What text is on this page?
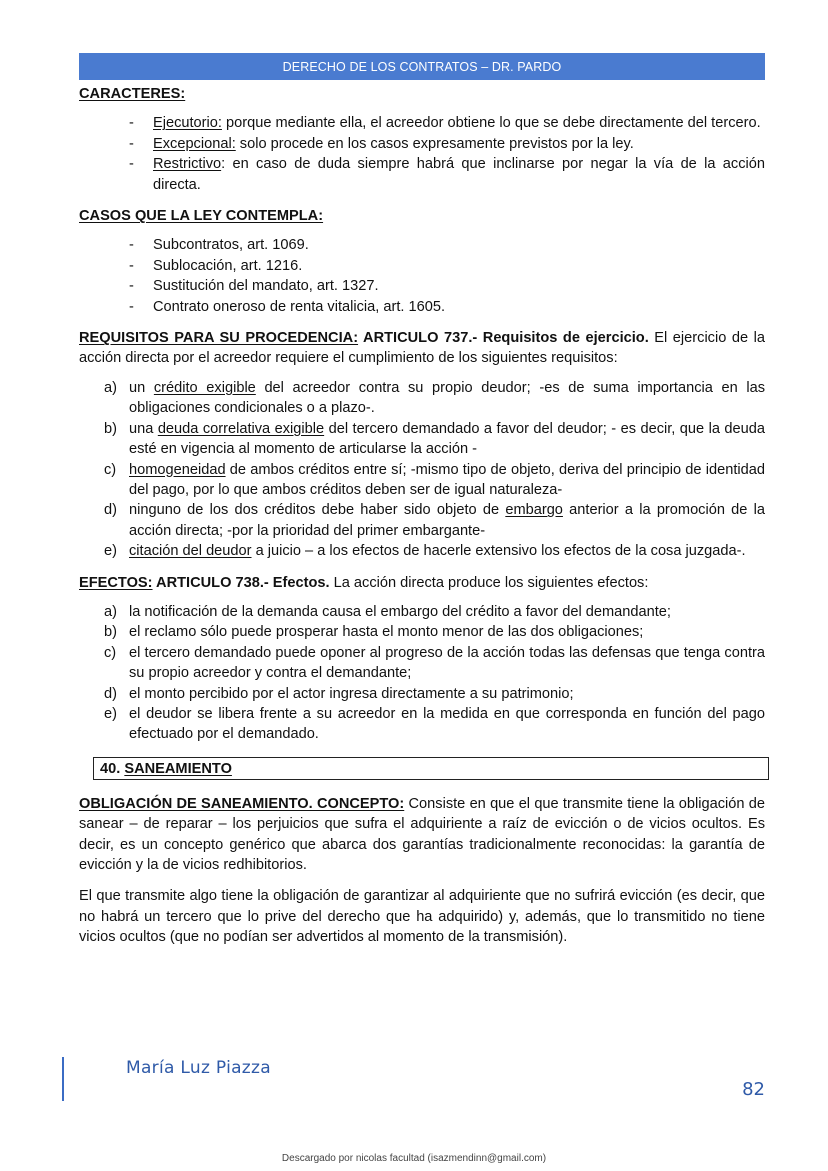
DERECHO DE LOS CONTRATOS – DR. PARDO

CARACTERES:

- Ejecutorio: porque mediante ella, el acreedor obtiene lo que se debe directamente del tercero.
- Excepcional: solo procede en los casos expresamente previstos por la ley.
- Restrictivo: en caso de duda siempre habrá que inclinarse por negar la vía de la acción directa.

CASOS QUE LA LEY CONTEMPLA:

- Subcontratos, art. 1069.
- Sublocación, art. 1216.
- Sustitución del mandato, art. 1327.
- Contrato oneroso de renta vitalicia, art. 1605.

REQUISITOS PARA SU PROCEDENCIA: ARTICULO 737.- Requisitos de ejercicio. El ejercicio de la acción directa por el acreedor requiere el cumplimiento de los siguientes requisitos:

a) un crédito exigible del acreedor contra su propio deudor; -es de suma importancia en las obligaciones condicionales o a plazo-.
b) una deuda correlativa exigible del tercero demandado a favor del deudor; - es decir, que la deuda esté en vigencia al momento de articularse la acción -
c) homogeneidad de ambos créditos entre sí; -mismo tipo de objeto, deriva del principio de identidad del pago, por lo que ambos créditos deben ser de igual naturaleza-
d) ninguno de los dos créditos debe haber sido objeto de embargo anterior a la promoción de la acción directa; -por la prioridad del primer embargante-
e) citación del deudor a juicio – a los efectos de hacerle extensivo los efectos de la cosa juzgada-.

EFECTOS: ARTICULO 738.- Efectos. La acción directa produce los siguientes efectos:

a) la notificación de la demanda causa el embargo del crédito a favor del demandante;
b) el reclamo sólo puede prosperar hasta el monto menor de las dos obligaciones;
c) el tercero demandado puede oponer al progreso de la acción todas las defensas que tenga contra su propio acreedor y contra el demandante;
d) el monto percibido por el actor ingresa directamente a su patrimonio;
e) el deudor se libera frente a su acreedor en la medida en que corresponda en función del pago efectuado por el demandado.
40. SANEAMIENTO

OBLIGACIÓN DE SANEAMIENTO. CONCEPTO: Consiste en que el que transmite tiene la obligación de sanear – de reparar – los perjuicios que sufra el adquiriente a raíz de evicción o de vicios ocultos. Es decir, es un concepto genérico que abarca dos garantías tradicionalmente reconocidas: la garantía de evicción y la de vicios redhibitorios.

El que transmite algo tiene la obligación de garantizar al adquiriente que no sufrirá evicción (es decir, que no habrá un tercero que lo prive del derecho que ha adquirido) y, además, que lo transmitido no tiene vicios ocultos (que no podían ser advertidos al momento de la transmisión).

María Luz Piazza
82
Descargado por nicolas facultad (isazmendinn@gmail.com)
